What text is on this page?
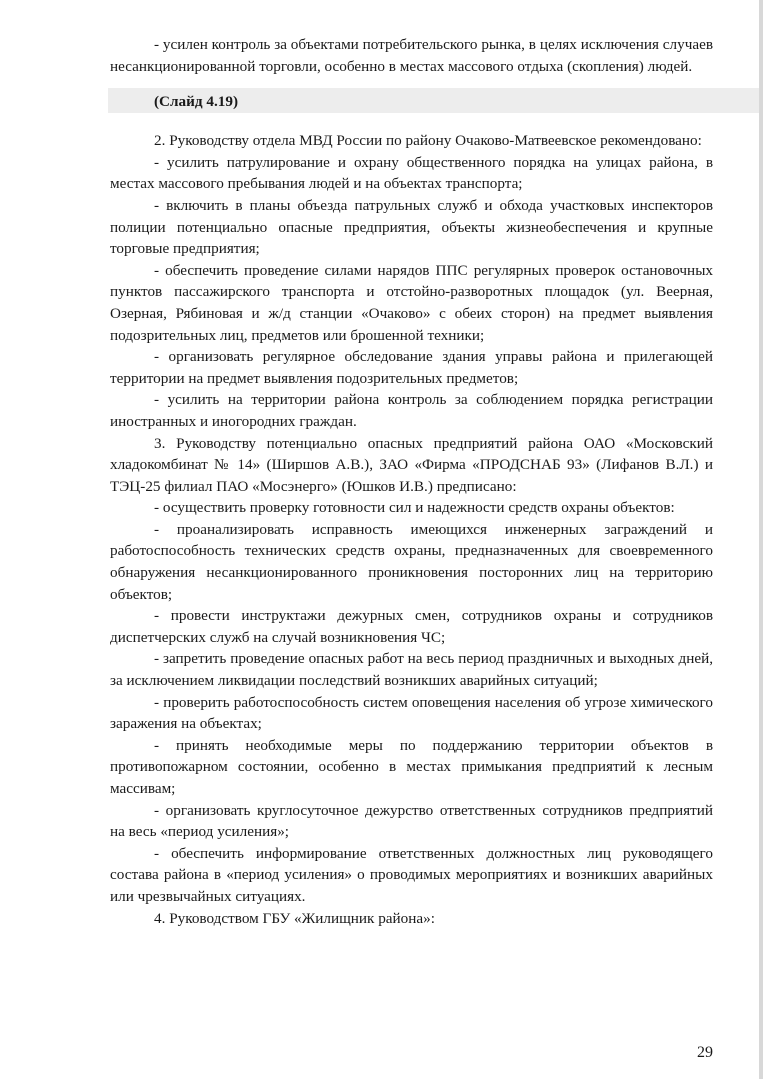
- усилен контроль за объектами потребительского рынка, в целях исключения случаев несанкционированной торговли, особенно в местах массового отдыха (скопления) людей.

(Слайд 4.19)

2. Руководству отдела МВД России по району Очаково-Матвеевское рекомендовано:

- усилить патрулирование и охрану общественного порядка на улицах района, в местах массового пребывания людей и на объектах транспорта;

- включить в планы объезда патрульных служб и обхода участковых инспекторов полиции потенциально опасные предприятия, объекты жизнеобеспечения и крупные торговые предприятия;

- обеспечить проведение силами нарядов ППС регулярных проверок остановочных пунктов пассажирского транспорта и отстойно-разворотных площадок (ул. Веерная, Озерная, Рябиновая и ж/д станции «Очаково» с обеих сторон) на предмет выявления подозрительных лиц, предметов или брошенной техники;

- организовать регулярное обследование здания управы района и прилегающей территории на предмет выявления подозрительных предметов;

- усилить на территории района контроль за соблюдением порядка регистрации иностранных и иногородних граждан.

3. Руководству потенциально опасных предприятий района ОАО «Московский хладокомбинат № 14» (Ширшов А.В.), ЗАО «Фирма «ПРОДСНАБ 93» (Лифанов В.Л.) и ТЭЦ-25 филиал ПАО «Мосэнерго» (Юшков И.В.) предписано:

- осуществить проверку готовности сил и надежности средств охраны объектов:

- проанализировать исправность имеющихся инженерных заграждений и работоспособность технических средств охраны, предназначенных для своевременного обнаружения несанкционированного проникновения посторонних лиц на территорию объектов;

- провести инструктажи дежурных смен, сотрудников охраны и сотрудников диспетчерских служб на случай возникновения ЧС;

- запретить проведение опасных работ на весь период праздничных и выходных дней, за исключением ликвидации последствий возникших аварийных ситуаций;

- проверить работоспособность систем оповещения населения об угрозе химического заражения на объектах;

- принять необходимые меры по поддержанию территории объектов в противопожарном состоянии, особенно в местах примыкания предприятий к лесным массивам;

- организовать круглосуточное дежурство ответственных сотрудников предприятий на весь «период усиления»;

- обеспечить информирование ответственных должностных лиц руководящего состава района в «период усиления» о проводимых мероприятиях и возникших аварийных или чрезвычайных ситуациях.

4. Руководством ГБУ «Жилищник района»:

29
